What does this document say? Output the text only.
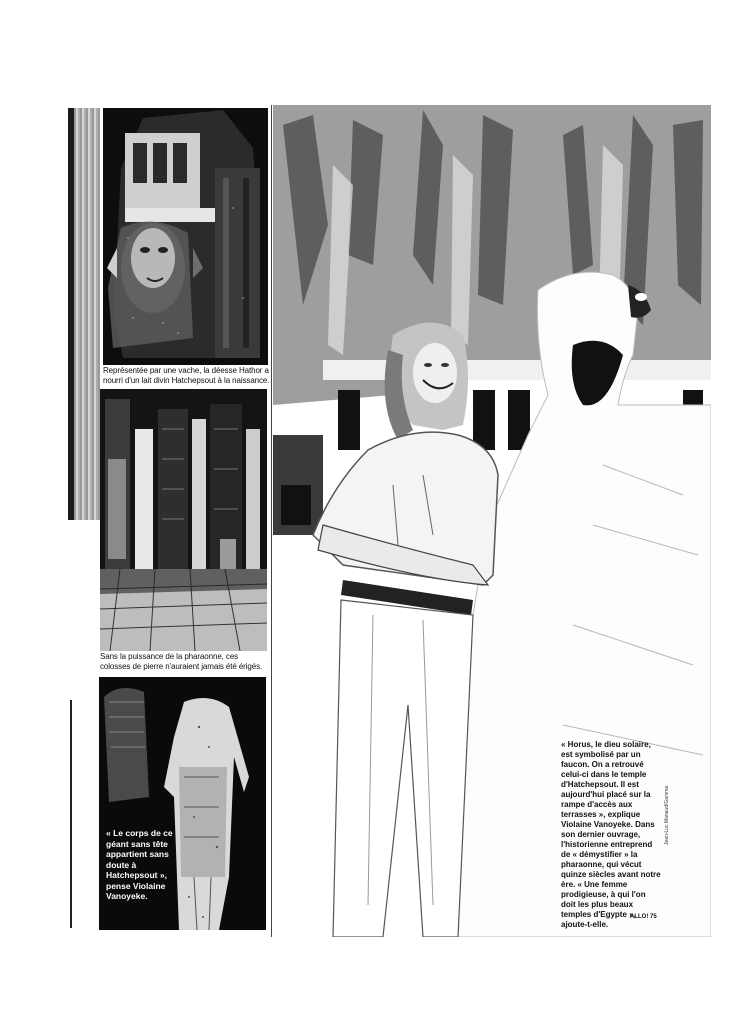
Représentée par une vache, la déesse Hathor a nourri d'un lait divin Hatchepsout à la naissance.
Sans la puissance de la pharaonne, ces colosses de pierre n'auraient jamais été érigés.
« Le corps de ce géant sans tête appartient sans doute à Hatchepsout », pense Violaine Vanoyeke.
« Horus, le dieu solaire, est symbolisé par un faucon. On a retrouvé celui-ci dans le temple d'Hatchepsout. Il est aujourd'hui placé sur la rampe d'accès aux terrasses », explique Violaine Vanoyeke. Dans son dernier ouvrage, l'historienne entreprend de « démystifier » la pharaonne, qui vécut quinze siècles avant notre ère. « Une femme prodigieuse, à qui l'on doit les plus beaux temples d'Egypte », ajoute-t-elle.
Jean-Luc Manaud/Gamma
ALLO! 75
